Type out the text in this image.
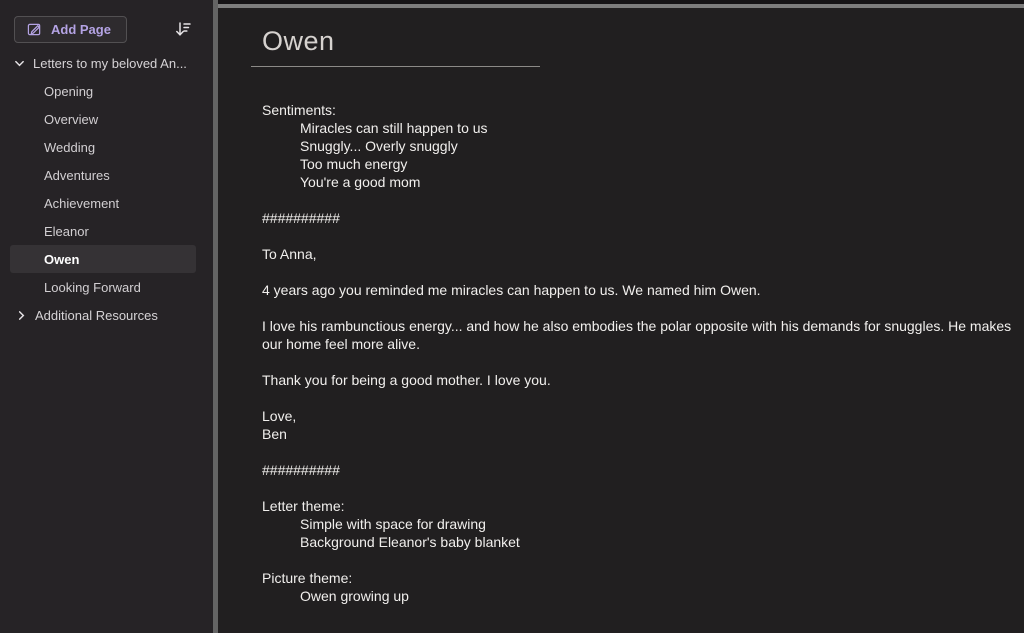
Add Page
Letters to my beloved An...
Opening
Overview
Wedding
Adventures
Achievement
Eleanor
Owen
Looking Forward
Additional Resources
Owen
Sentiments:
Miracles can still happen to us
Snuggly... Overly snuggly
Too much energy
You're a good mom

##########

To Anna,

4 years ago you reminded me miracles can happen to us. We named him Owen.

I love his rambunctious energy... and how he also embodies the polar opposite with his demands for snuggles. He makes
our home feel more alive.

Thank you for being a good mother. I love you.

Love,
Ben

##########

Letter theme:
Simple with space for drawing
Background Eleanor's baby blanket

Picture theme:
Owen growing up
